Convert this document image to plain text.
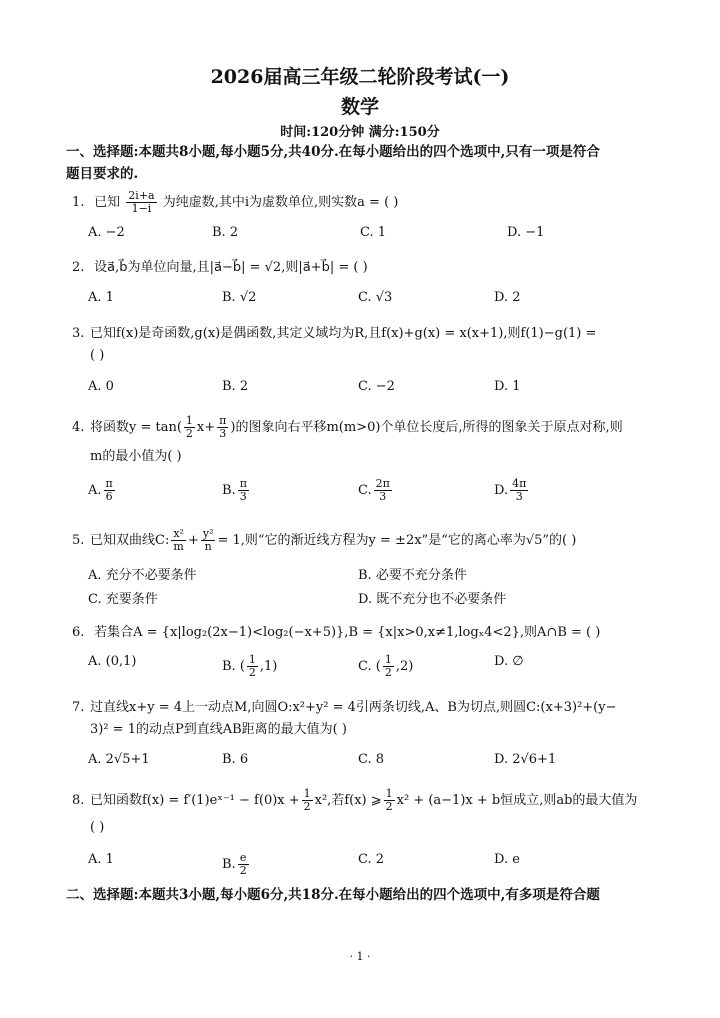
2026届高三年级二轮阶段考试(一)
数学
时间:120分钟 满分:150分
一、选择题:本题共8小题,每小题5分,共40分.在每小题给出的四个选项中,只有一项是符合
题目要求的.
1. 已知 $\frac{2i+a}{1-i}$ 为纯虚数,其中i为虚数单位,则实数a = ( )
A. −2	B. 2	C. 1	D. −1
2. 设a⃗,b⃗为单位向量,且|a⃗−b⃗| = √2,则|a⃗+b⃗| = ( )
A. 1	B. √2	C. √3	D. 2
3. 已知f(x)是奇函数,g(x)是偶函数,其定义域均为R,且f(x)+g(x) = x(x+1),则f(1)−g(1) =
( )
A. 0	B. 2	C. −2	D. 1
4. 将函数$y = \tan( \frac{1}{2} x+ \frac{\pi}{3}$ )的图象向右平移m(m>0)个单位长度后,所得的图象关于原点对称,则
m的最小值为( )
A. $\frac{\pi}{6}$	B. $\frac{\pi}{3}$	C. $\frac{2\pi}{3}$	D. $\frac{4\pi}{3}$
5. 已知双曲线C: $\frac{\text{x²}}{m} + \frac{\text{y²}}{n} = 1$,则“它的渐近线方程为y = ±2x”是“它的离心率为√5”的( )
A. 充分不必要条件	B. 必要不充分条件
C. 充要条件	D. 既不充分也不必要条件
6. 若集合A = {x|log₂(2x−1)<log₂(−x+5)},B = {x|x>0,x≠1,logₓ4<2},则A∩B = ( )
A. (0,1)	B. ( $\frac{1}{2} ,1$)	C. ( $\frac{1}{2} ,2$)	D. ∅
7. 过直线x+y = 4上一动点M,向圆O:x²+y² = 4引两条切线,A、B为切点,则圆C:(x+3)²+(y−
3)² = 1的动点P到直线AB距离的最大值为( )
A. 2√5+1	B. 6	C. 8	D. 2√6+1
8. 已知函数f(x) = f′(1)eˣ⁻¹ − $f(0)x + \frac{1}{2} x^2$,若f(x) ⩾ $\frac{1}{2} x^2 + (a-1)x + b$恒成立,则ab的最大值为
( )
A. 1	B. $\frac{e}{2}$	C. 2	D. e
二、选择题:本题共3小题,每小题6分,共18分.在每小题给出的四个选项中,有多项是符合题
· 1 ·
